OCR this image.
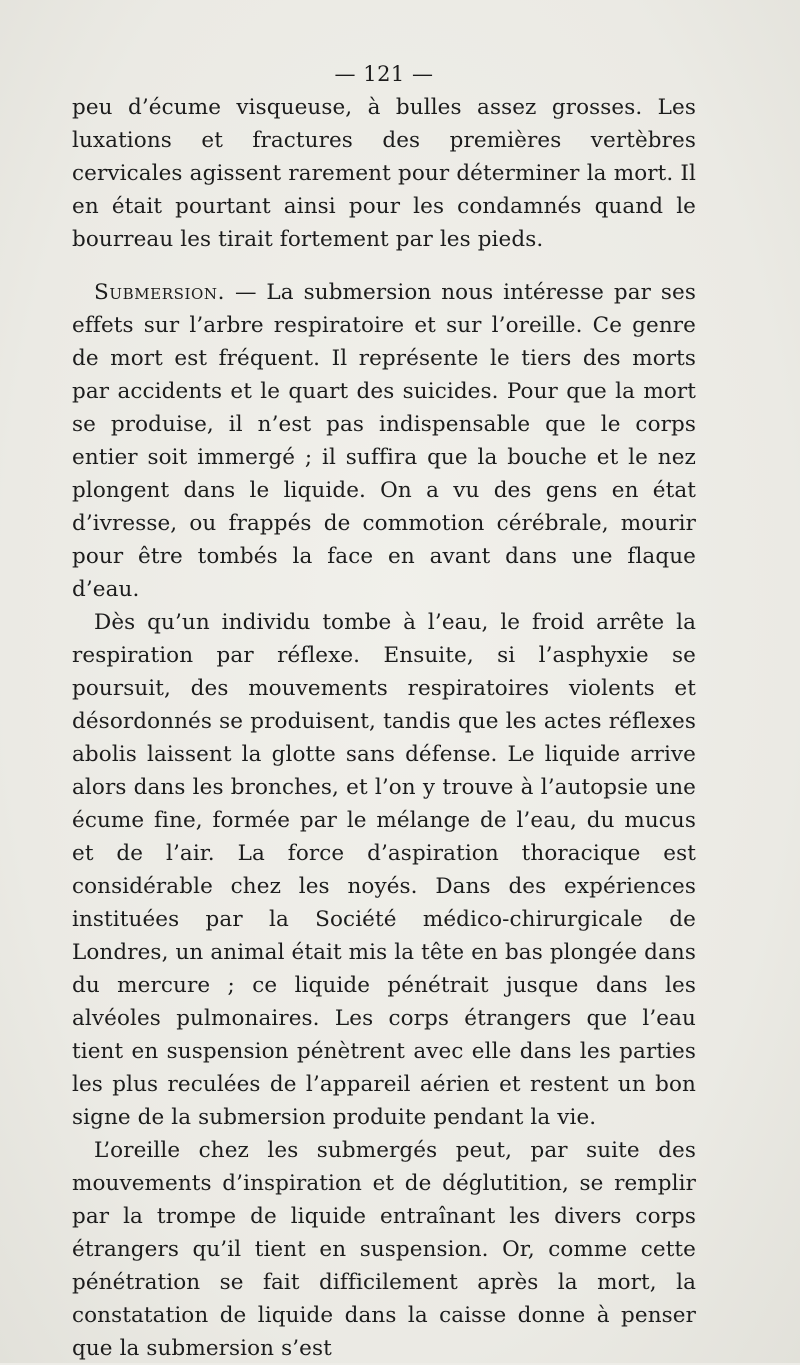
— 121 —

peu d’écume visqueuse, à bulles assez grosses. Les luxations et fractures des premières vertèbres cervicales agissent rarement pour déterminer la mort. Il en était pourtant ainsi pour les condamnés quand le bourreau les tirait fortement par les pieds.

Submersion. — La submersion nous intéresse par ses effets sur l’arbre respiratoire et sur l’oreille. Ce genre de mort est fréquent. Il représente le tiers des morts par accidents et le quart des suicides. Pour que la mort se produise, il n’est pas indispensable que le corps entier soit immergé ; il suffira que la bouche et le nez plongent dans le liquide. On a vu des gens en état d’ivresse, ou frappés de commotion cérébrale, mourir pour être tombés la face en avant dans une flaque d’eau.

Dès qu’un individu tombe à l’eau, le froid arrête la respiration par réflexe. Ensuite, si l’asphyxie se poursuit, des mouvements respiratoires violents et désordonnés se produisent, tandis que les actes réflexes abolis laissent la glotte sans défense. Le liquide arrive alors dans les bronches, et l’on y trouve à l’autopsie une écume fine, formée par le mélange de l’eau, du mucus et de l’air. La force d’aspiration thoracique est considérable chez les noyés. Dans des expériences instituées par la Société médico-chirurgicale de Londres, un animal était mis la tête en bas plongée dans du mercure ; ce liquide pénétrait jusque dans les alvéoles pulmonaires. Les corps étrangers que l’eau tient en suspension pénètrent avec elle dans les parties les plus reculées de l’appareil aérien et restent un bon signe de la submersion produite pendant la vie.

L’oreille chez les submergés peut, par suite des mouvements d’inspiration et de déglutition, se remplir par la trompe de liquide entraînant les divers corps étrangers qu’il tient en suspension. Or, comme cette pénétration se fait difficilement après la mort, la constatation de liquide dans la caisse donne à penser que la submersion s’est
